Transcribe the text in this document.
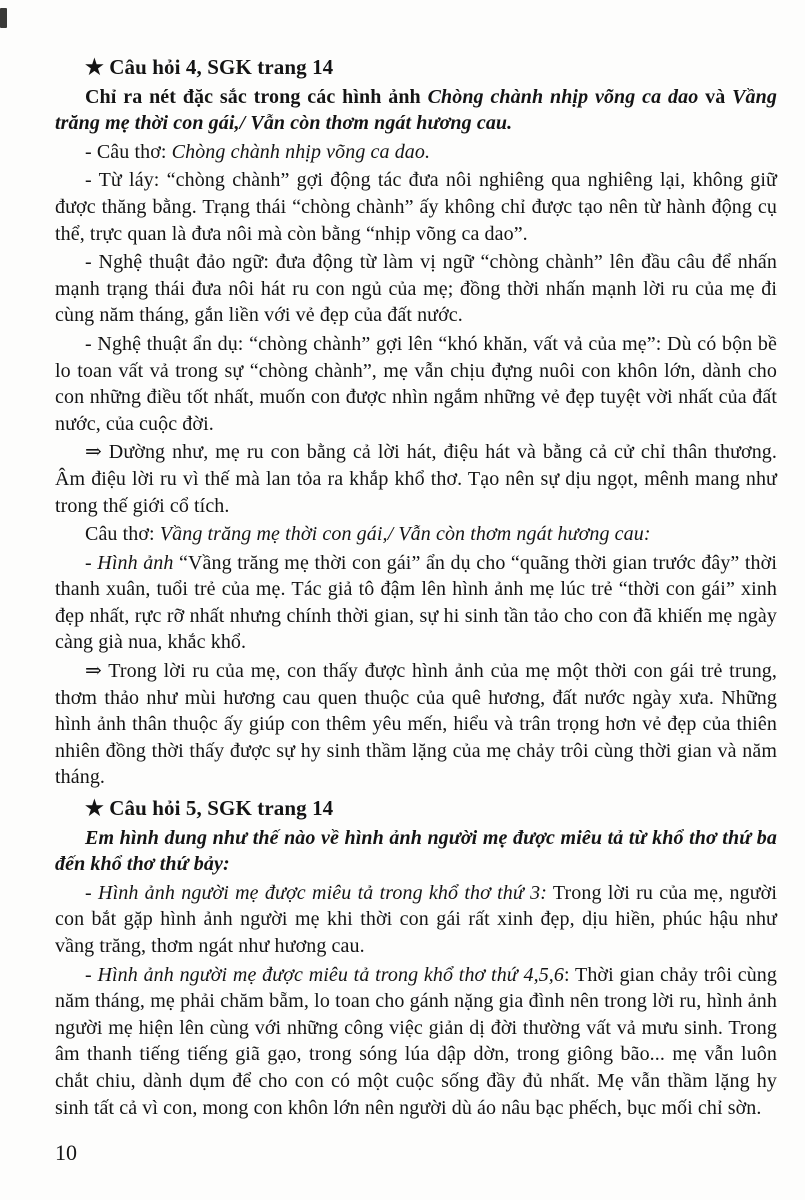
★ Câu hỏi 4, SGK trang 14

Chỉ ra nét đặc sắc trong các hình ảnh Chòng chành nhịp võng ca dao và Vầng trăng mẹ thời con gái,/ Vẫn còn thơm ngát hương cau.

- Câu thơ: Chòng chành nhịp võng ca dao.

- Từ láy: “chòng chành” gợi động tác đưa nôi nghiêng qua nghiêng lại, không giữ được thăng bằng. Trạng thái “chòng chành” ấy không chỉ được tạo nên từ hành động cụ thể, trực quan là đưa nôi mà còn bằng “nhịp võng ca dao”.

- Nghệ thuật đảo ngữ: đưa động từ làm vị ngữ “chòng chành” lên đầu câu để nhấn mạnh trạng thái đưa nôi hát ru con ngủ của mẹ; đồng thời nhấn mạnh lời ru của mẹ đi cùng năm tháng, gắn liền với vẻ đẹp của đất nước.

- Nghệ thuật ẩn dụ: “chòng chành” gợi lên “khó khăn, vất vả của mẹ”: Dù có bộn bề lo toan vất vả trong sự “chòng chành”, mẹ vẫn chịu đựng nuôi con khôn lớn, dành cho con những điều tốt nhất, muốn con được nhìn ngắm những vẻ đẹp tuyệt vời nhất của đất nước, của cuộc đời.

⇒ Dường như, mẹ ru con bằng cả lời hát, điệu hát và bằng cả cử chỉ thân thương. Âm điệu lời ru vì thế mà lan tỏa ra khắp khổ thơ. Tạo nên sự dịu ngọt, mênh mang như trong thế giới cổ tích.

Câu thơ: Vầng trăng mẹ thời con gái,/ Vẫn còn thơm ngát hương cau:

- Hình ảnh “Vầng trăng mẹ thời con gái” ẩn dụ cho “quãng thời gian trước đây” thời thanh xuân, tuổi trẻ của mẹ. Tác giả tô đậm lên hình ảnh mẹ lúc trẻ “thời con gái” xinh đẹp nhất, rực rỡ nhất nhưng chính thời gian, sự hi sinh tần tảo cho con đã khiến mẹ ngày càng già nua, khắc khổ.

⇒ Trong lời ru của mẹ, con thấy được hình ảnh của mẹ một thời con gái trẻ trung, thơm thảo như mùi hương cau quen thuộc của quê hương, đất nước ngày xưa. Những hình ảnh thân thuộc ấy giúp con thêm yêu mến, hiểu và trân trọng hơn vẻ đẹp của thiên nhiên đồng thời thấy được sự hy sinh thầm lặng của mẹ chảy trôi cùng thời gian và năm tháng.

★ Câu hỏi 5, SGK trang 14

Em hình dung như thế nào về hình ảnh người mẹ được miêu tả từ khổ thơ thứ ba đến khổ thơ thứ bảy:

- Hình ảnh người mẹ được miêu tả trong khổ thơ thứ 3: Trong lời ru của mẹ, người con bắt gặp hình ảnh người mẹ khi thời con gái rất xinh đẹp, dịu hiền, phúc hậu như vầng trăng, thơm ngát như hương cau.

- Hình ảnh người mẹ được miêu tả trong khổ thơ thứ 4,5,6: Thời gian chảy trôi cùng năm tháng, mẹ phải chăm bẵm, lo toan cho gánh nặng gia đình nên trong lời ru, hình ảnh người mẹ hiện lên cùng với những công việc giản dị đời thường vất vả mưu sinh. Trong âm thanh tiếng tiếng giã gạo, trong sóng lúa dập dờn, trong giông bão... mẹ vẫn luôn chắt chiu, dành dụm để cho con có một cuộc sống đầy đủ nhất. Mẹ vẫn thầm lặng hy sinh tất cả vì con, mong con khôn lớn nên người dù áo nâu bạc phếch, bục mối chỉ sờn.

10
